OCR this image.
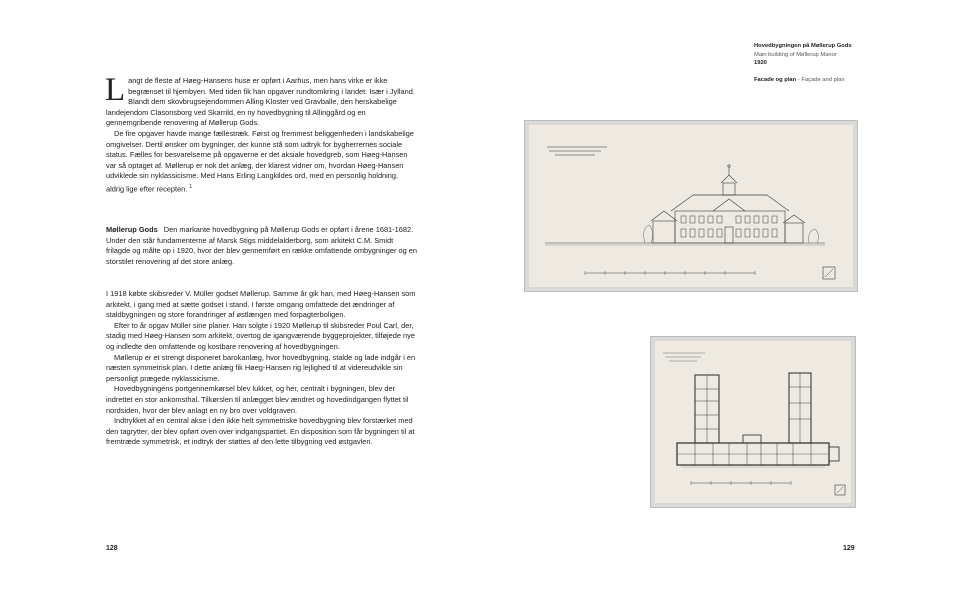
Langt de fleste af Høeg-Hansens huse er opført i Aarhus, men hans virke er ikke begrænset til hjembyen. Med tiden fik han opgaver rundtomkring i landet. Især i Jylland. Blandt dem skovbrugsejendommen Alling Kloster ved Gravballe, den herskabelige landejendom Clasonsborg ved Skarrild, en ny hovedbygning til Allinggård og en gennemgribende renovering af Møllerup Gods.

De fire opgaver havde mange fællestræk. Først og fremmest beliggenheden i landskabelige omgivelser. Dertil ønsker om bygninger, der kunne stå som udtryk for bygherrernes sociale status. Fælles for besvarelserne på opgaverne er det aksiale hovedgreb, som Høeg-Hansen var så optaget af. Møllerup er nok det anlæg, der klarest vidner om, hvordan Høeg-Hansen udviklede sin nyklassicisme. Med Hans Erling Langkildes ord, med en personlig holdning, aldrig lige efter recepten. $^1$

Møllerup Gods Den markante hovedbygning på Møllerup Gods er opført i årene 1681-1682. Under den står fundamenterne af Marsk Stigs middelalderborg, som arkitekt C.M. Smidt frilagde og målte op i 1920, hvor der blev gennemført en række omfattende ombygninger og en storstilet renovering af det store anlæg.

I 1918 købte skibsreder V. Müller godset Møllerup. Samme år gik han, med Høeg-Hansen som arkitekt, i gang med at sætte godset i stand. I første omgang omfattede det ændringer af staldbygningen og store forandringer af østlængen med forpagterboligen.

Efter to år opgav Müller sine planer. Han solgte i 1920 Møllerup til skibsreder Poul Carl, der, stadig med Høeg-Hansen som arkitekt, overtog de igangværende byggeprojekter, tilføjede nye og indledte den omfattende og kostbare renovering af hovedbygningen.

Møllerup er et strengt disponeret barokanlæg, hvor hovedbygning, stalde og lade indgår i en næsten symmetrisk plan. I dette anlæg fik Høeg-Hansen rig lejlighed til at videreudvikle sin personligt prægede nyklassicisme.

Hovedbygningens portgennemkørsel blev lukket, og her, centralt i bygningen, blev der indrettet en stor ankomsthal. Tilkørslen til anlægget blev ændret og hovedindgangen flyttet til nordsiden, hvor der blev anlagt en ny bro over voldgraven.

Indtrykket af en central akse i den ikke helt symmetriske hovedbygning blev forstærket med den tagrytter, der blev opført oven over indgangspartiet. En disposition som får bygningen til at fremtræde symmetrisk, et indtryk der støttes af den lette tilbygning ved østgavlen.

128
Hovedbygningen på Møllerup Gods
Main building of Møllerup Manor
1920
Facade og plan - Façade and plan
129
